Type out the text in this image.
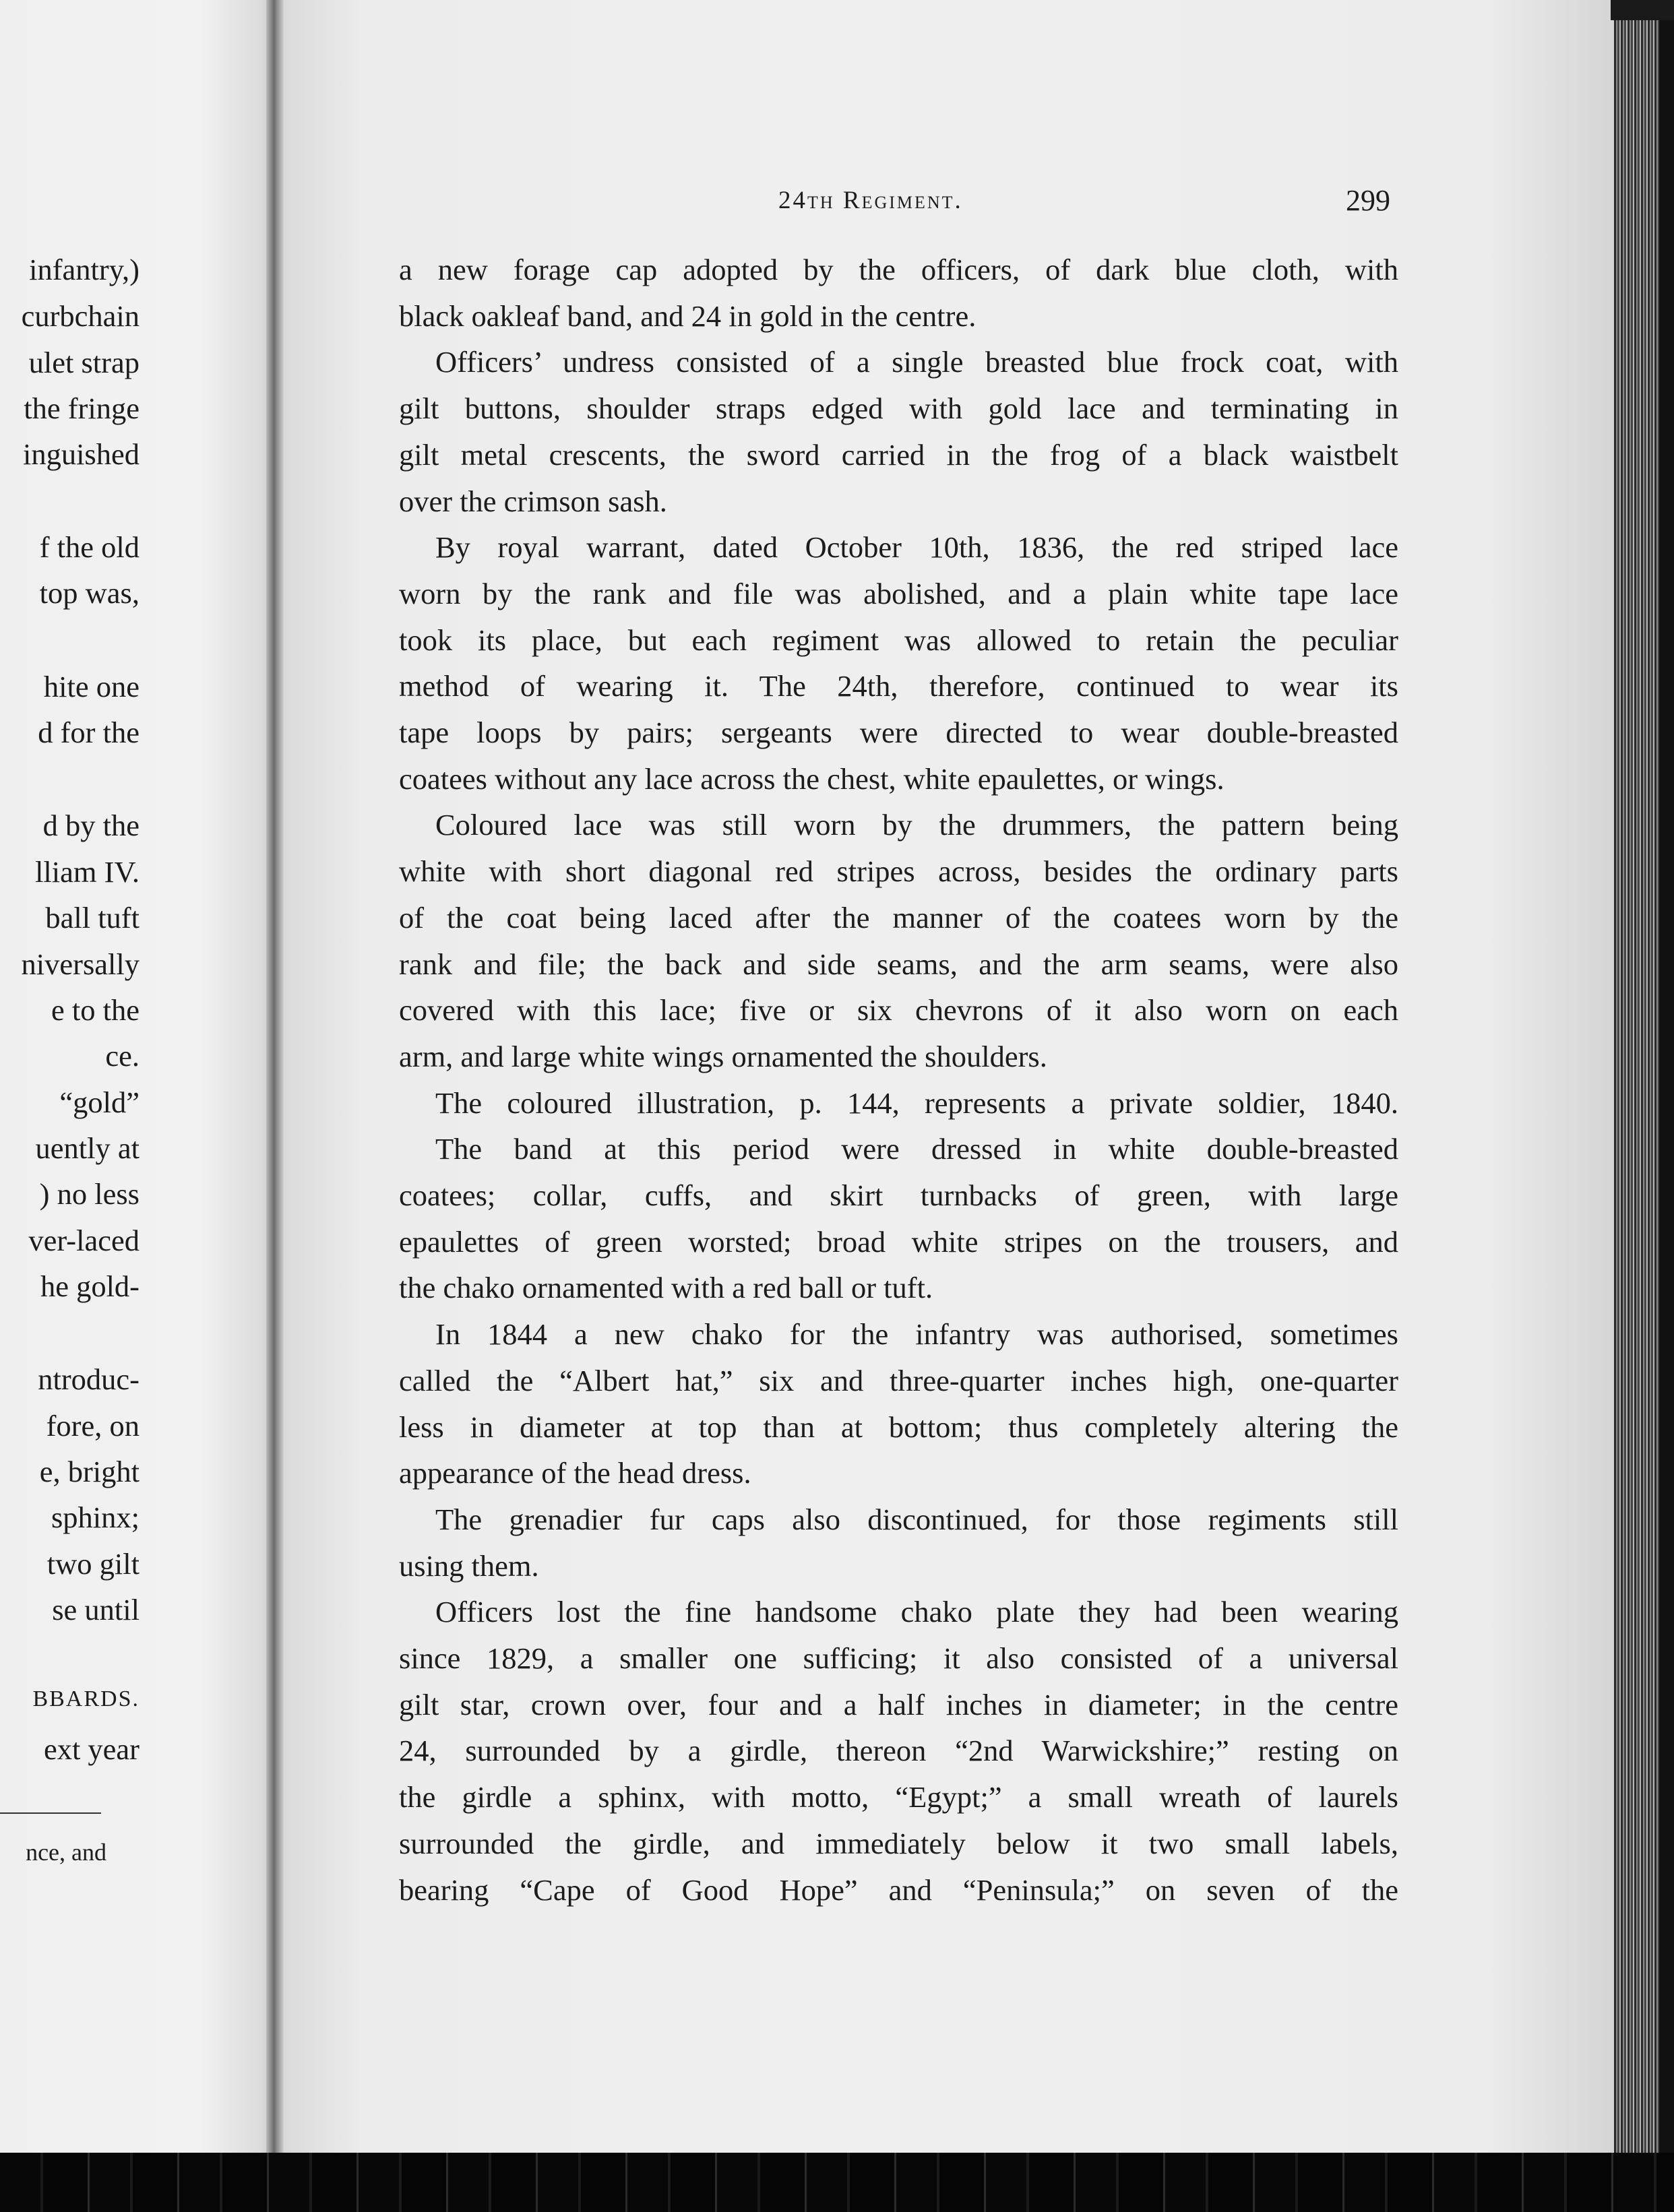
24th Regiment.	299
a new forage cap adopted by the officers, of dark blue cloth, with
black oakleaf band, and 24 in gold in the centre.
Officers’ undress consisted of a single breasted blue frock coat, with
gilt buttons, shoulder straps edged with gold lace and terminating in
gilt metal crescents, the sword carried in the frog of a black waistbelt
over the crimson sash.
By royal warrant, dated October 10th, 1836, the red striped lace
worn by the rank and file was abolished, and a plain white tape lace
took its place, but each regiment was allowed to retain the peculiar
method of wearing it. The 24th, therefore, continued to wear its
tape loops by pairs; sergeants were directed to wear double-breasted
coatees without any lace across the chest, white epaulettes, or wings.
Coloured lace was still worn by the drummers, the pattern being
white with short diagonal red stripes across, besides the ordinary parts
of the coat being laced after the manner of the coatees worn by the
rank and file; the back and side seams, and the arm seams, were also
covered with this lace; five or six chevrons of it also worn on each
arm, and large white wings ornamented the shoulders.
The coloured illustration, p. 144, represents a private soldier, 1840.
The band at this period were dressed in white double-breasted
coatees; collar, cuffs, and skirt turnbacks of green, with large
epaulettes of green worsted; broad white stripes on the trousers, and
the chako ornamented with a red ball or tuft.
In 1844 a new chako for the infantry was authorised, sometimes
called the “Albert hat,” six and three-quarter inches high, one-quarter
less in diameter at top than at bottom; thus completely altering the
appearance of the head dress.
The grenadier fur caps also discontinued, for those regiments still
using them.
Officers lost the fine handsome chako plate they had been wearing
since 1829, a smaller one sufficing; it also consisted of a universal
gilt star, crown over, four and a half inches in diameter; in the centre
24, surrounded by a girdle, thereon “2nd Warwickshire;” resting on
the girdle a sphinx, with motto, “Egypt;” a small wreath of laurels
surrounded the girdle, and immediately below it two small labels,
bearing “Cape of Good Hope” and “Peninsula;” on seven of the
infantry,)
curbchain
ulet strap
the fringe
inguished
f the old
top was,
hite one
d for the
d by the
lliam IV.
ball tuft
niversally
e to the
ce.
“gold”
uently at
) no less
ver-laced
he gold-
ntroduc-
fore, on
e, bright
sphinx;
two gilt
se until
BBARDS.
ext year
nce, and
